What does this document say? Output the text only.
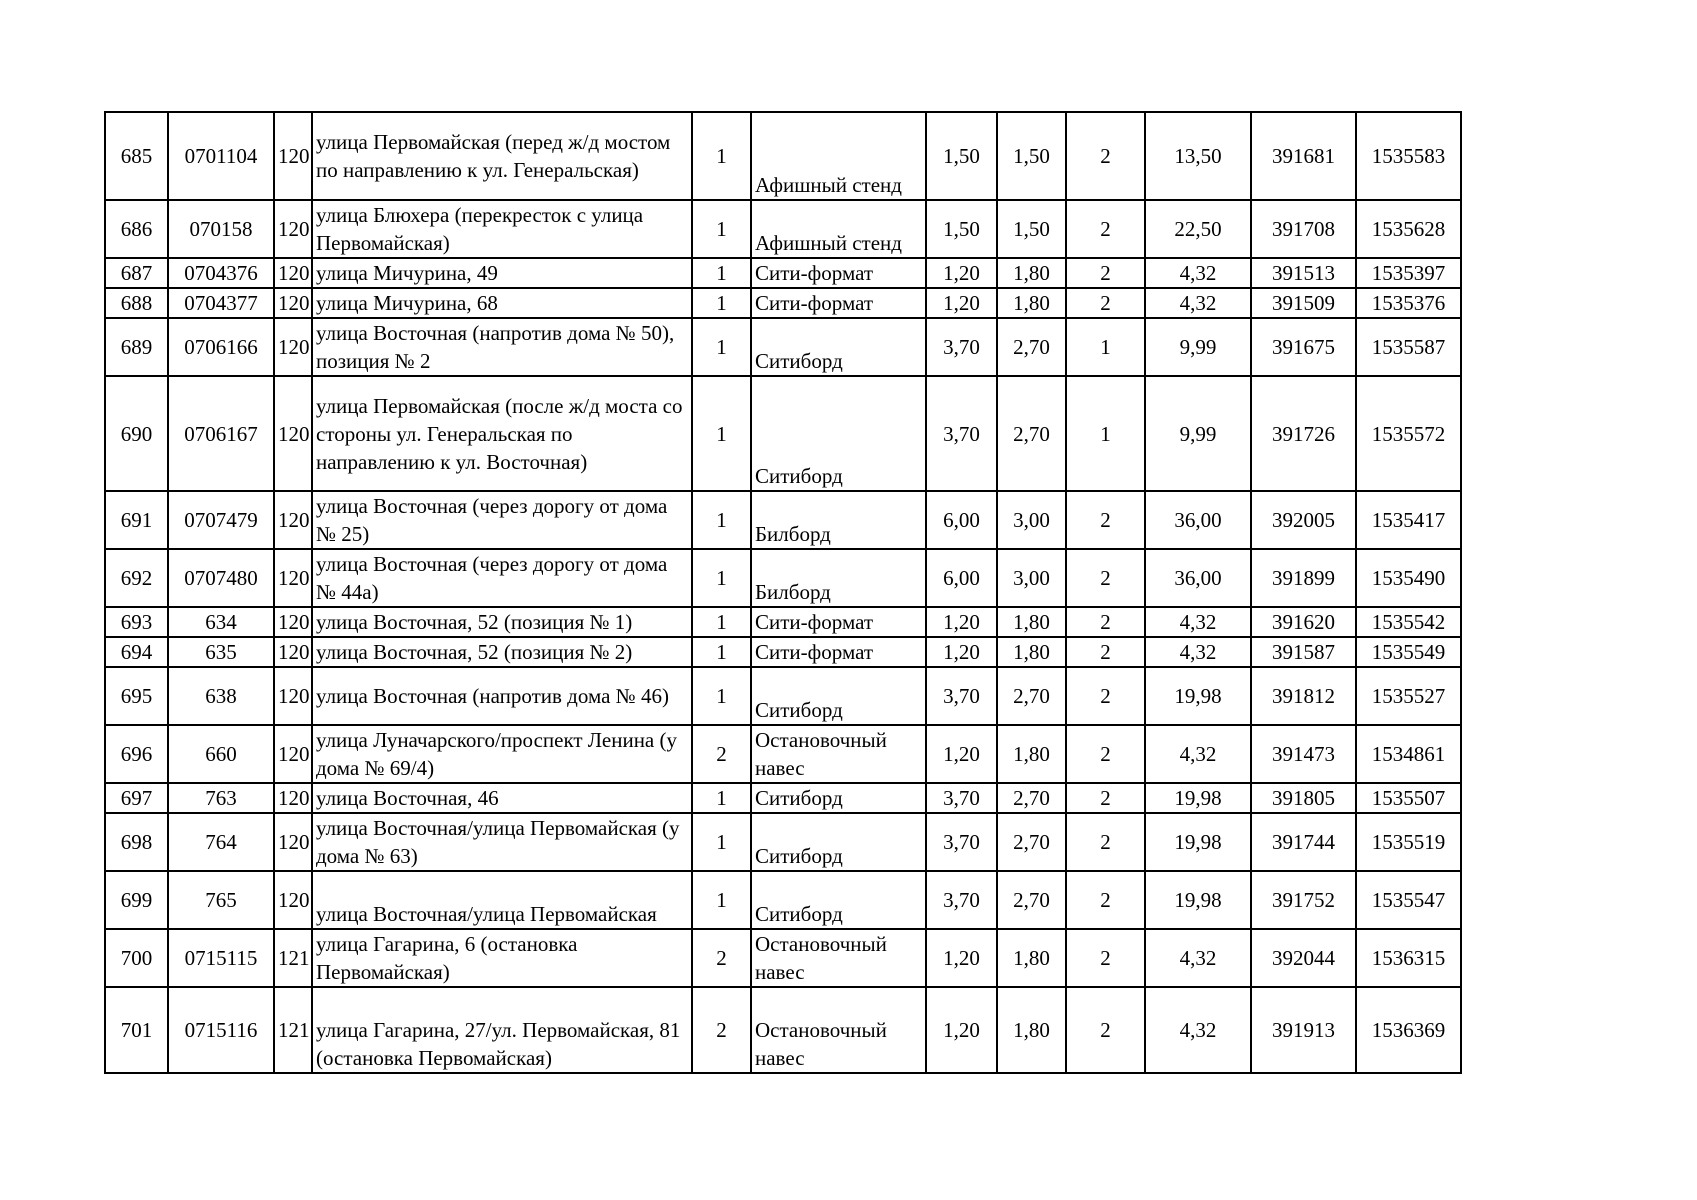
685	0701104	120	улица Первомайская (перед ж/д мостом по направлению к ул. Генеральская)	1	Афишный стенд	1,50	1,50	2	13,50	391681	1535583
686	070158	120	улица Блюхера (перекресток с улица Первомайская)	1	Афишный стенд	1,50	1,50	2	22,50	391708	1535628
687	0704376	120	улица Мичурина, 49	1	Сити-формат	1,20	1,80	2	4,32	391513	1535397
688	0704377	120	улица Мичурина, 68	1	Сити-формат	1,20	1,80	2	4,32	391509	1535376
689	0706166	120	улица Восточная (напротив дома № 50), позиция № 2	1	Ситиборд	3,70	2,70	1	9,99	391675	1535587
690	0706167	120	улица Первомайская (после ж/д моста со стороны ул. Генеральская по направлению к ул. Восточная)	1	Ситиборд	3,70	2,70	1	9,99	391726	1535572
691	0707479	120	улица Восточная (через дорогу от дома № 25)	1	Билборд	6,00	3,00	2	36,00	392005	1535417
692	0707480	120	улица Восточная (через дорогу от дома № 44а)	1	Билборд	6,00	3,00	2	36,00	391899	1535490
693	634	120	улица Восточная, 52 (позиция № 1)	1	Сити-формат	1,20	1,80	2	4,32	391620	1535542
694	635	120	улица Восточная, 52 (позиция № 2)	1	Сити-формат	1,20	1,80	2	4,32	391587	1535549
695	638	120	улица Восточная (напротив дома № 46)	1	Ситиборд	3,70	2,70	2	19,98	391812	1535527
696	660	120	улица Луначарского/проспект Ленина (у дома № 69/4)	2	Остановочный навес	1,20	1,80	2	4,32	391473	1534861
697	763	120	улица Восточная, 46	1	Ситиборд	3,70	2,70	2	19,98	391805	1535507
698	764	120	улица Восточная/улица Первомайская (у дома № 63)	1	Ситиборд	3,70	2,70	2	19,98	391744	1535519
699	765	120	улица Восточная/улица Первомайская	1	Ситиборд	3,70	2,70	2	19,98	391752	1535547
700	0715115	121	улица Гагарина, 6 (остановка Первомайская)	2	Остановочный навес	1,20	1,80	2	4,32	392044	1536315
701	0715116	121	улица Гагарина, 27/ул. Первомайская, 81 (остановка Первомайская)	2	Остановочный навес	1,20	1,80	2	4,32	391913	1536369
